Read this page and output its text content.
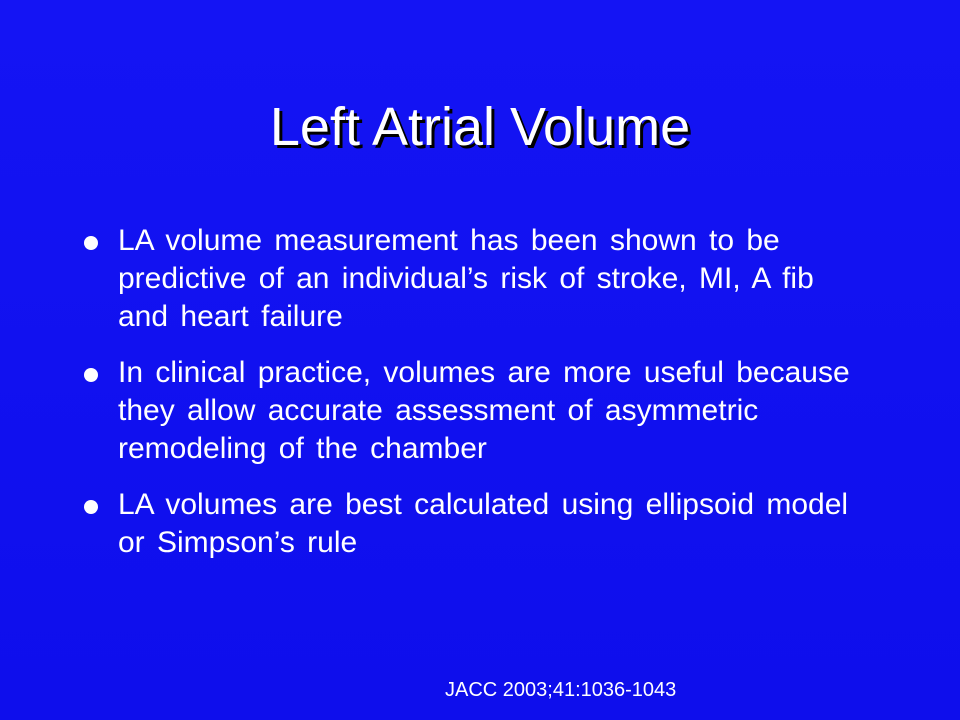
Left Atrial Volume
LA volume measurement has been shown to be predictive of an individual’s risk of stroke, MI, A fib and heart failure
In clinical practice, volumes are more useful because they allow accurate assessment of asymmetric remodeling of the chamber
LA volumes are best calculated using ellipsoid model or Simpson’s rule
JACC 2003;41:1036-1043
